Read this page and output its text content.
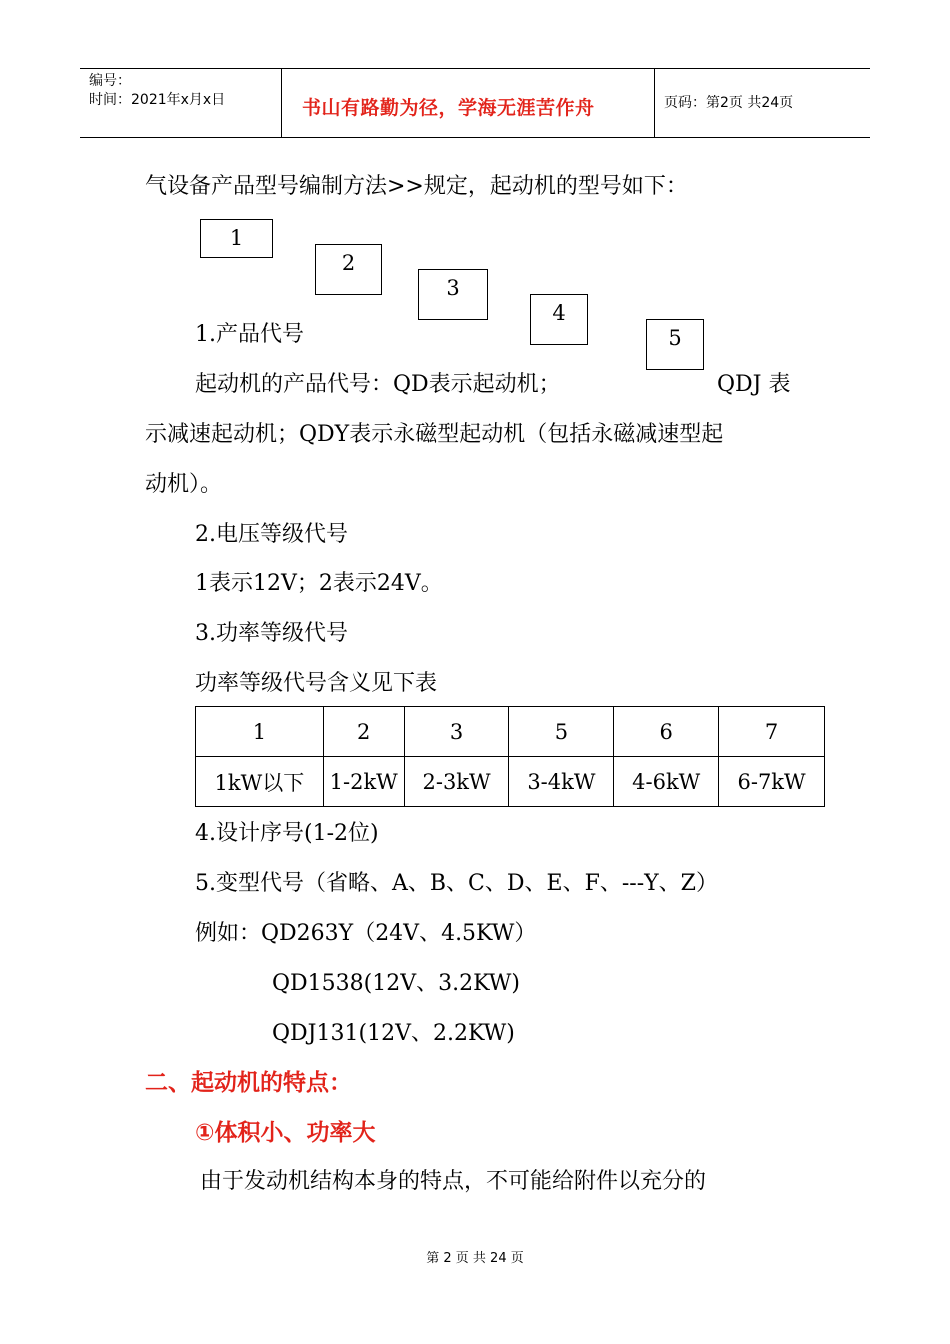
编号：
时间：2021年x月x日	书山有路勤为径，学海无涯苦作舟	页码：第2页 共24页
气设备产品型号编制方法>>规定，起动机的型号如下：
1
2
3
4
5
1.产品代号
起动机的产品代号：QD表示起动机；	QDJ 表
示减速起动机；QDY表示永磁型起动机（包括永磁减速型起
动机）。
2.电压等级代号
1表示12V；2表示24V。
3.功率等级代号
功率等级代号含义见下表
1	2	3	5	6	7
1kW以下	1-2kW	2-3kW	3-4kW	4-6kW	6-7kW
4.设计序号(1-2位)
5.变型代号（省略、A、B、C、D、E、F、---Y、Z）
例如：QD263Y（24V、4.5KW）
QD1538(12V、3.2KW)
QDJ131(12V、2.2KW)
二、起动机的特点：
①体积小、功率大
由于发动机结构本身的特点，不可能给附件以充分的
第 2 页 共 24 页
